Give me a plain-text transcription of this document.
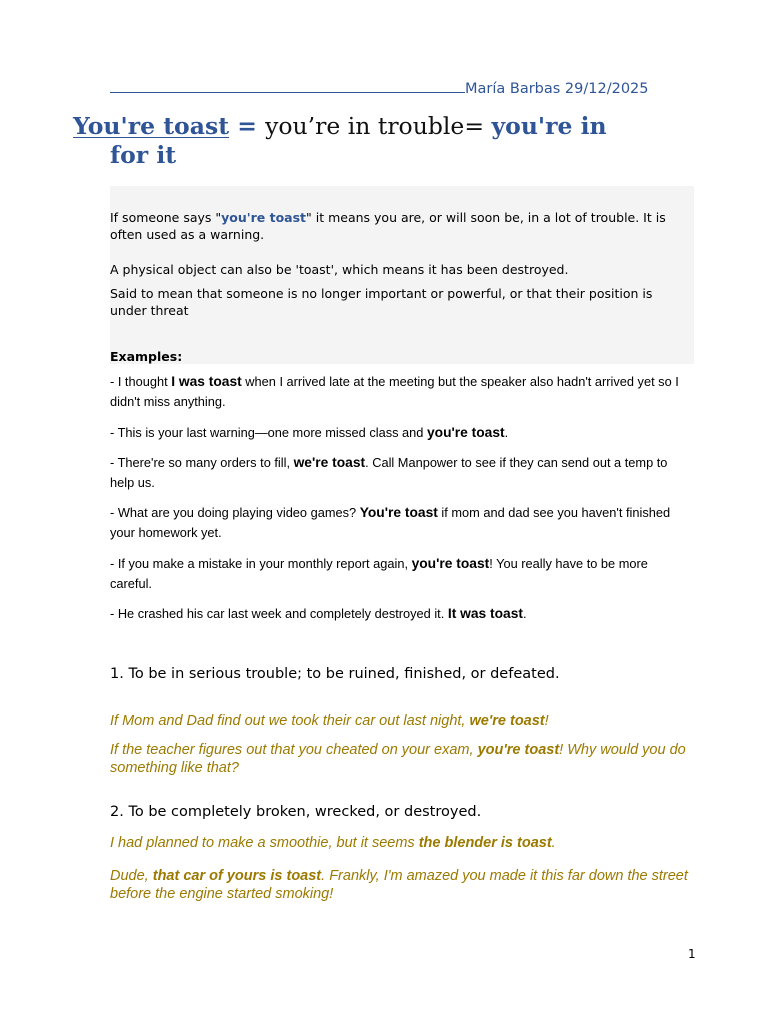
María Barbas 29/12/2025
You're toast = you’re in trouble= you're in
for it

If someone says "you're toast" it means you are, or will soon be, in a lot of trouble. It is often used as a warning.

A physical object can also be 'toast', which means it has been destroyed.

Said to mean that someone is no longer important or powerful, or that their position is under threat

Examples:

- I thought I was toast when I arrived late at the meeting but the speaker also hadn't arrived yet so I didn't miss anything.
- This is your last warning—one more missed class and you're toast.
- There're so many orders to fill, we're toast. Call Manpower to see if they can send out a temp to help us.
- What are you doing playing video games? You're toast if mom and dad see you haven't finished your homework yet.
- If you make a mistake in your monthly report again, you're toast! You really have to be more careful.
- He crashed his car last week and completely destroyed it. It was toast.
1. To be in serious trouble; to be ruined, finished, or defeated.
If Mom and Dad find out we took their car out last night, we're toast!
If the teacher figures out that you cheated on your exam, you're toast! Why would you do something like that?
2. To be completely broken, wrecked, or destroyed.
I had planned to make a smoothie, but it seems the blender is toast.
Dude, that car of yours is toast. Frankly, I'm amazed you made it this far down the street before the engine started smoking!
1
